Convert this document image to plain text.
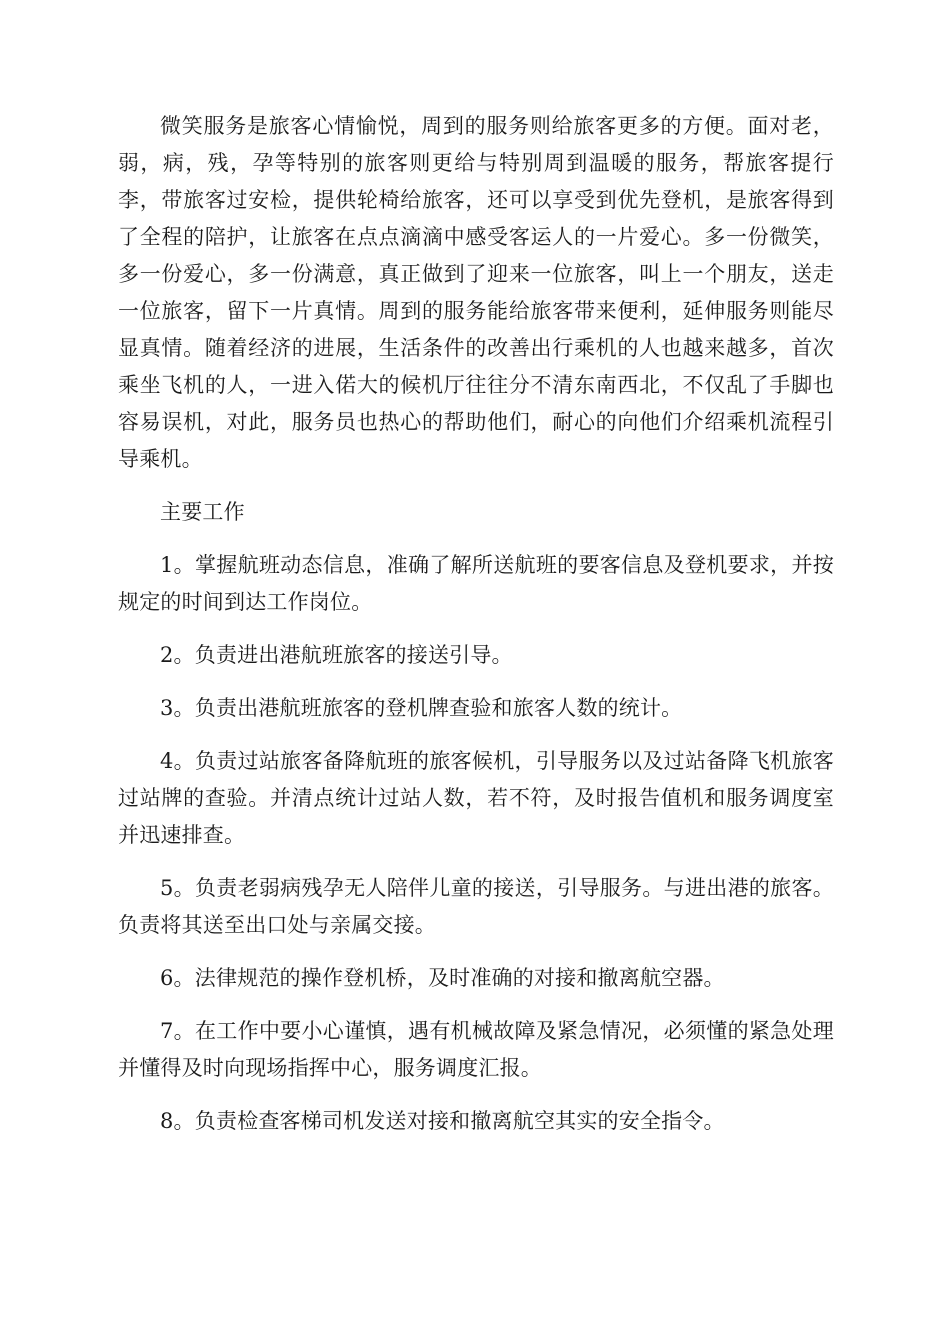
微笑服务是旅客心情愉悦，周到的服务则给旅客更多的方便。面对老，弱，病，残，孕等特别的旅客则更给与特别周到温暖的服务，帮旅客提行李，带旅客过安检，提供轮椅给旅客，还可以享受到优先登机，是旅客得到了全程的陪护，让旅客在点点滴滴中感受客运人的一片爱心。多一份微笑，多一份爱心，多一份满意，真正做到了迎来一位旅客，叫上一个朋友，送走一位旅客，留下一片真情。周到的服务能给旅客带来便利，延伸服务则能尽显真情。随着经济的进展，生活条件的改善出行乘机的人也越来越多，首次乘坐飞机的人，一进入偌大的候机厅往往分不清东南西北，不仅乱了手脚也容易误机，对此，服务员也热心的帮助他们，耐心的向他们介绍乘机流程引导乘机。

主要工作

1。掌握航班动态信息，准确了解所送航班的要客信息及登机要求，并按规定的时间到达工作岗位。

2。负责进出港航班旅客的接送引导。

3。负责出港航班旅客的登机牌查验和旅客人数的统计。

4。负责过站旅客备降航班的旅客候机，引导服务以及过站备降飞机旅客过站牌的查验。并清点统计过站人数，若不符，及时报告值机和服务调度室并迅速排查。

5。负责老弱病残孕无人陪伴儿童的接送，引导服务。与进出港的旅客。负责将其送至出口处与亲属交接。

6。法律规范的操作登机桥，及时准确的对接和撤离航空器。

7。在工作中要小心谨慎，遇有机械故障及紧急情况，必须懂的紧急处理并懂得及时向现场指挥中心，服务调度汇报。

8。负责检查客梯司机发送对接和撤离航空其实的安全指令。
